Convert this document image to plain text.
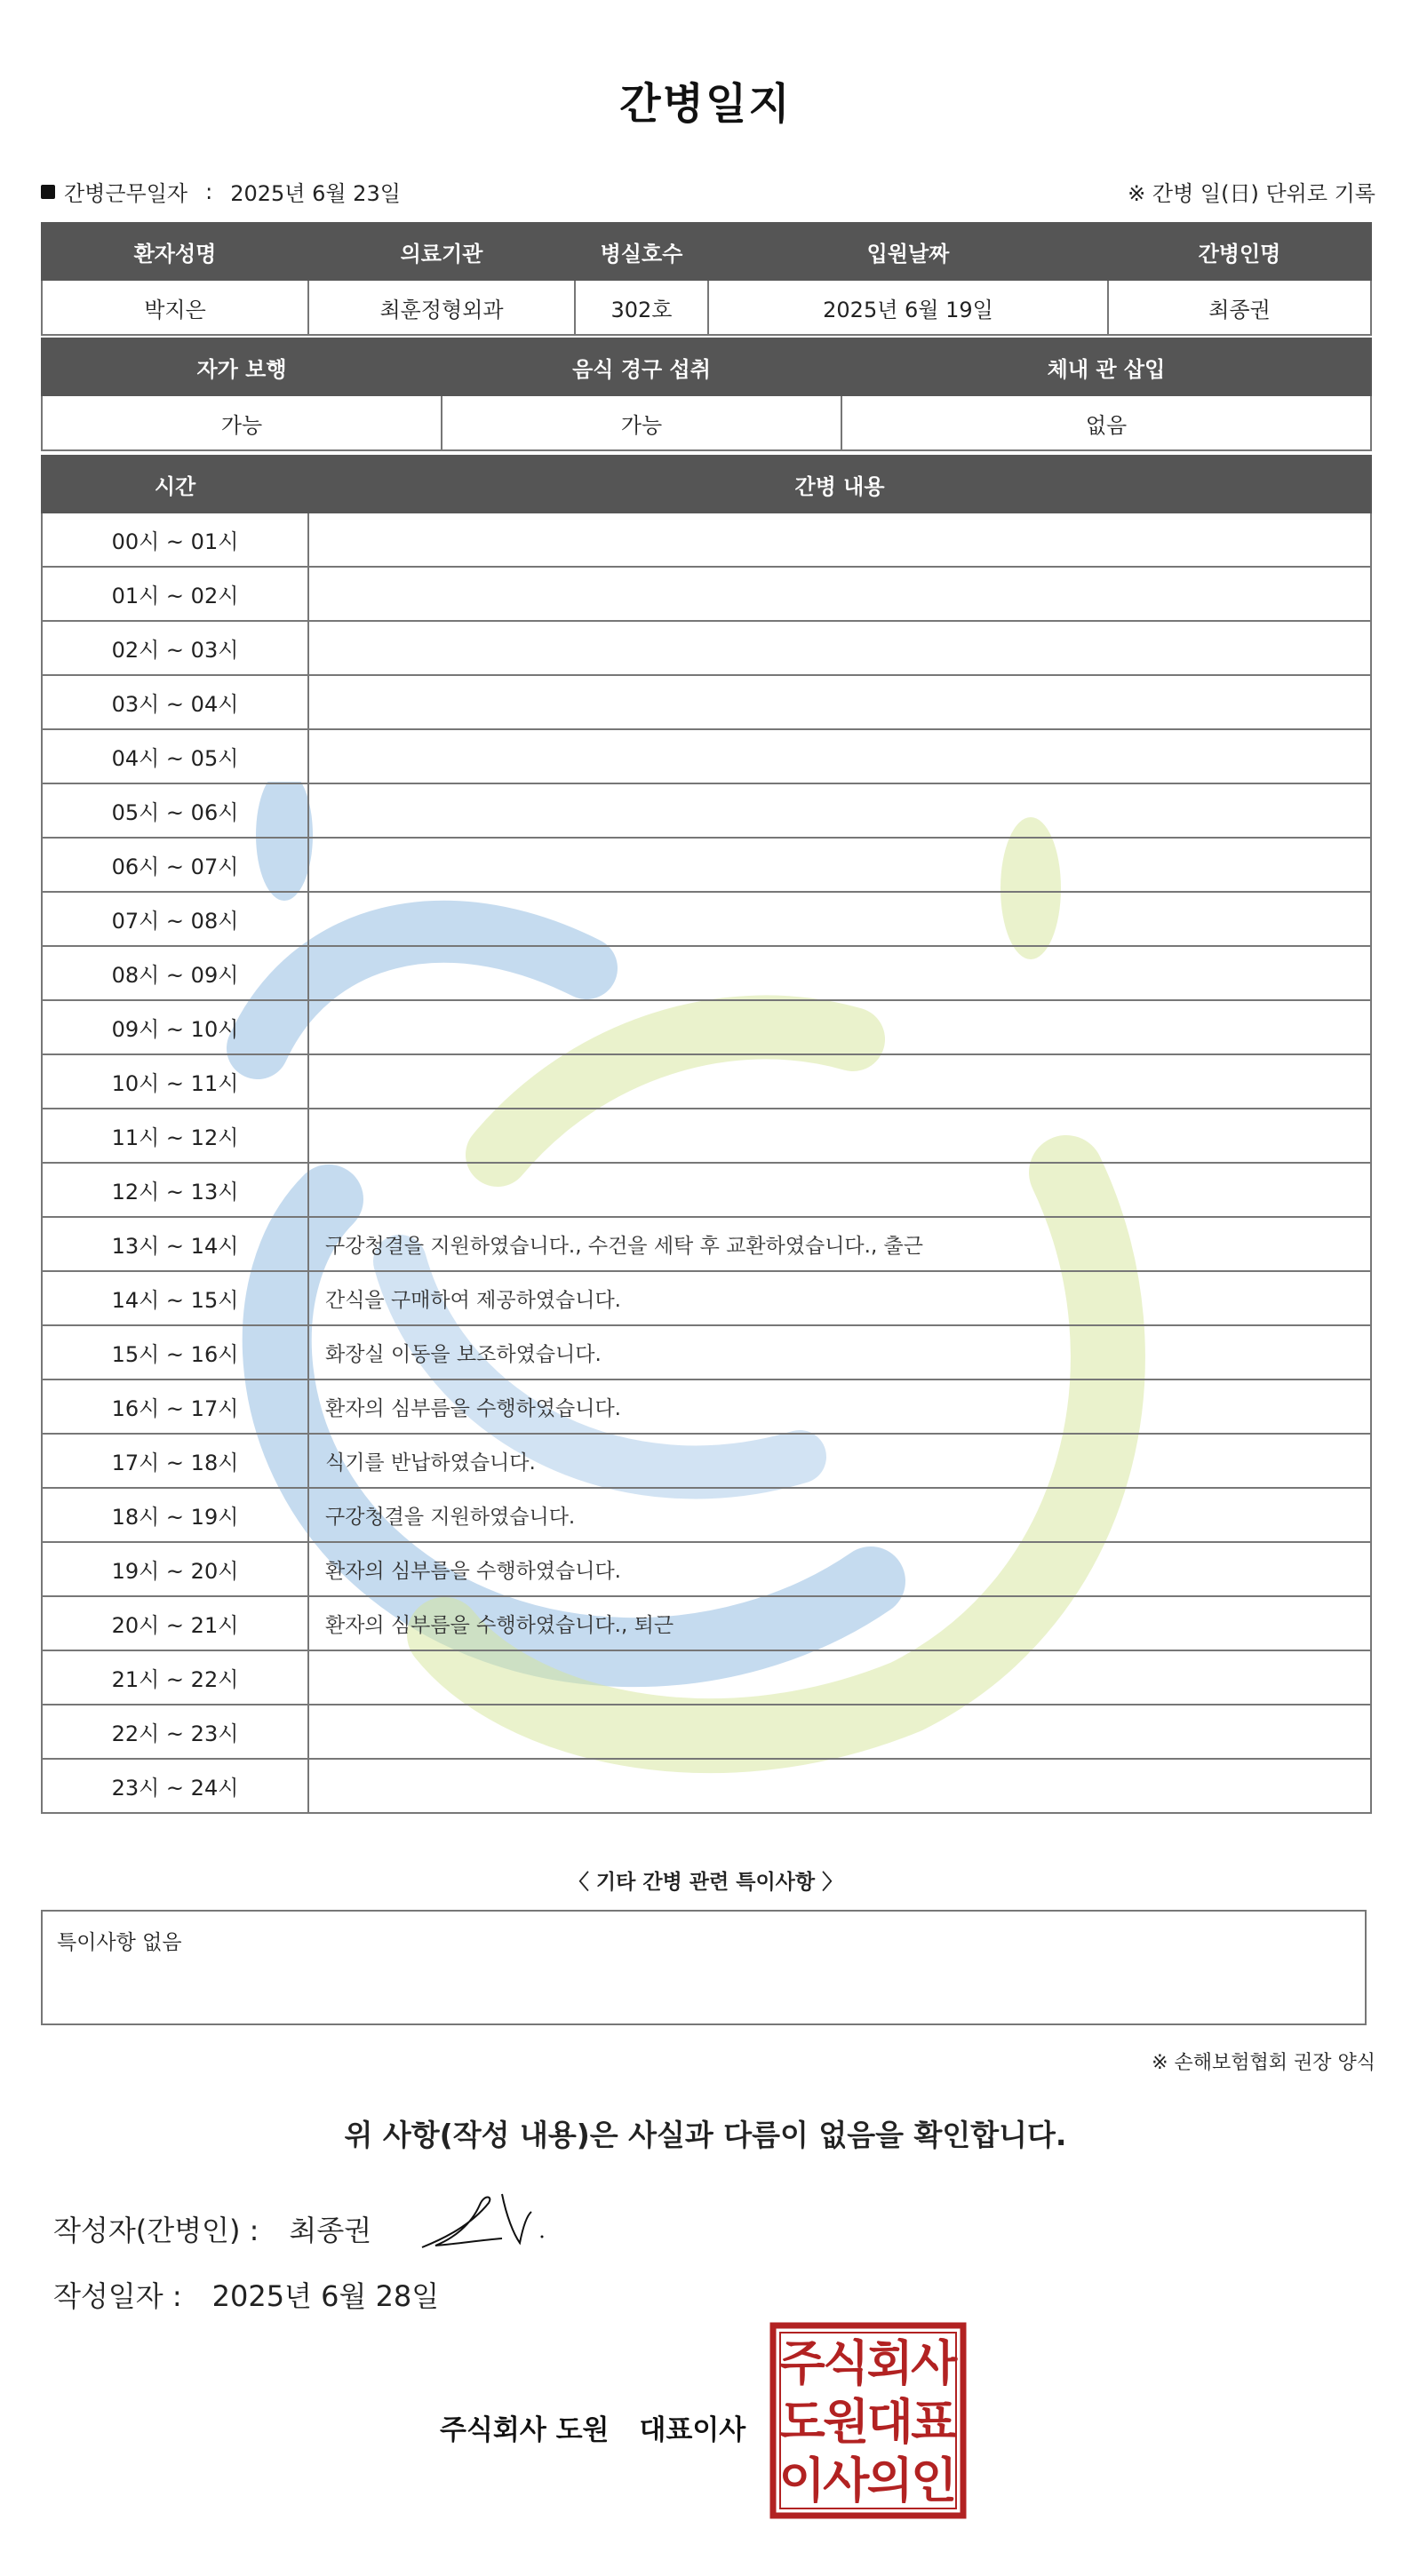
간병일지
간병근무일자 : 2025년 6월 23일	※ 간병 일(日) 단위로 기록
환자성명	의료기관	병실호수	입원날짜	간병인명
박지은	최훈정형외과	302호	2025년 6월 19일	최종권
자가 보행	음식 경구 섭취	체내 관 삽입
가능	가능	없음
시간	간병 내용
00시 ~ 01시	
01시 ~ 02시	
02시 ~ 03시	
03시 ~ 04시	
04시 ~ 05시	
05시 ~ 06시	
06시 ~ 07시	
07시 ~ 08시	
08시 ~ 09시	
09시 ~ 10시	
10시 ~ 11시	
11시 ~ 12시	
12시 ~ 13시	
13시 ~ 14시	구강청결을 지원하였습니다., 수건을 세탁 후 교환하였습니다., 출근
14시 ~ 15시	간식을 구매하여 제공하였습니다.
15시 ~ 16시	화장실 이동을 보조하였습니다.
16시 ~ 17시	환자의 심부름을 수행하였습니다.
17시 ~ 18시	식기를 반납하였습니다.
18시 ~ 19시	구강청결을 지원하였습니다.
19시 ~ 20시	환자의 심부름을 수행하였습니다.
20시 ~ 21시	환자의 심부름을 수행하였습니다., 퇴근
21시 ~ 22시	
22시 ~ 23시	
23시 ~ 24시	
〈 기타 간병 관련 특이사항 〉
특이사항 없음
※ 손해보험협회 권장 양식
위 사항(작성 내용)은 사실과 다름이 없음을 확인합니다.
작성자(간병인) : 최종권
작성일자 : 2025년 6월 28일
주식회사 도원 대표이사
주
식
회
사
도
원
대
표
이
사
의
인
